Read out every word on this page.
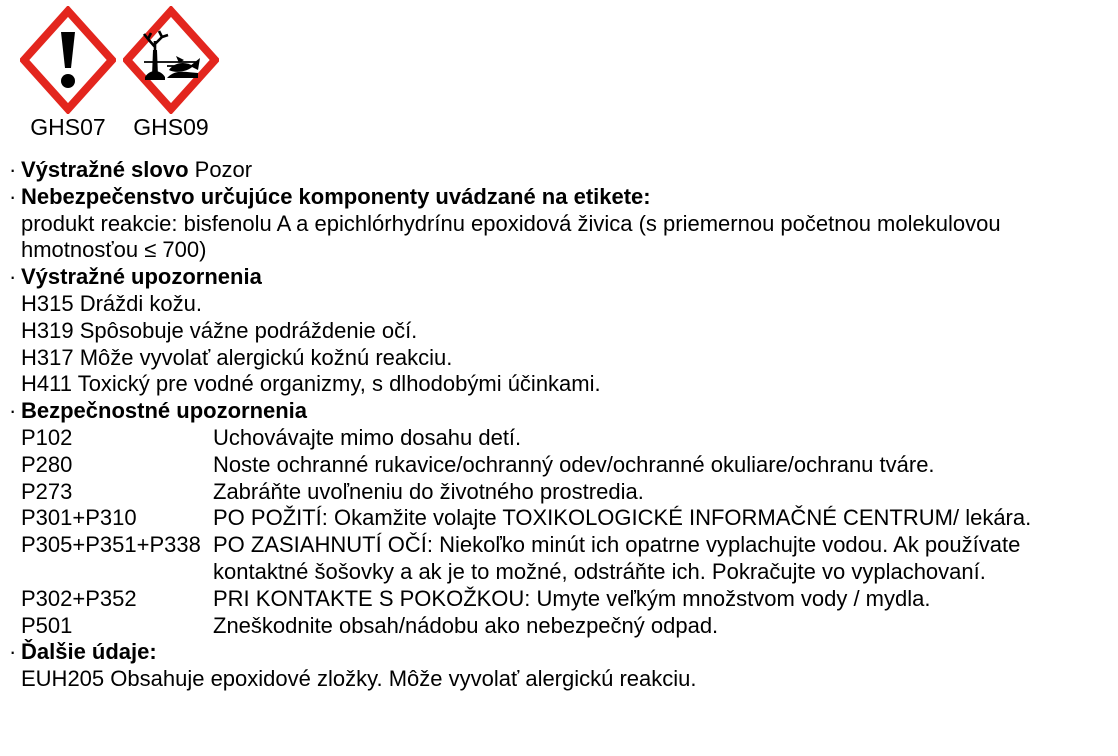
GHS07 GHS09

· Výstražné slovo Pozor

· Nebezpečenstvo určujúce komponenty uvádzané na etikete:

produkt reakcie: bisfenolu A a epichlórhydrínu epoxidová živica (s priemernou početnou molekulovou

hmotnosťou ≤ 700)

· Výstražné upozornenia

H315 Dráždi kožu.

H319 Spôsobuje vážne podráždenie očí.

H317 Môže vyvolať alergickú kožnú reakciu.

H411 Toxický pre vodné organizmy, s dlhodobými účinkami.

· Bezpečnostné upozornenia

P102	Uchovávajte mimo dosahu detí.
P280	Noste ochranné rukavice/ochranný odev/ochranné okuliare/ochranu tváre.
P273	Zabráňte uvoľneniu do životného prostredia.
P301+P310	PO POŽITÍ: Okamžite volajte TOXIKOLOGICKÉ INFORMAČNÉ CENTRUM/ lekára.
P305+P351+P338 PO ZASIAHNUTÍ OČÍ: Niekoľko minút ich opatrne vyplachujte vodou. Ak používate kontaktné šošovky a ak je to možné, odstráňte ich. Pokračujte vo vyplachovaní.
P302+P352	PRI KONTAKTE S POKOŽKOU: Umyte veľkým množstvom vody / mydla.
P501	Zneškodnite obsah/nádobu ako nebezpečný odpad.

· Ďalšie údaje:

EUH205 Obsahuje epoxidové zložky. Môže vyvolať alergickú reakciu.
